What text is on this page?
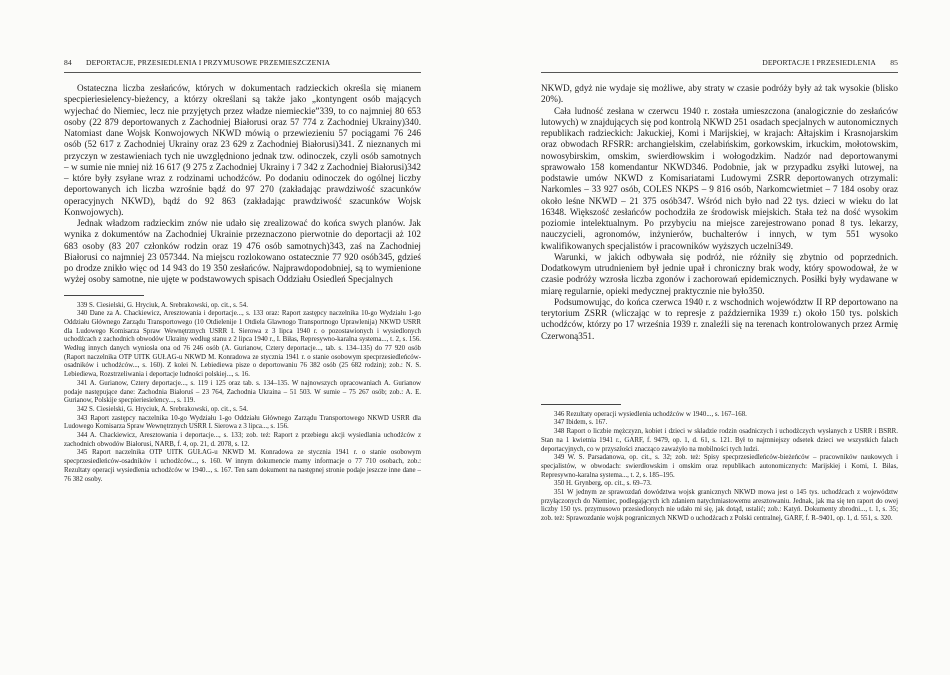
84 DEPORTACJE, PRZESIEDLENIA I PRZYMUSOWE PRZEMIESZCZENIA

Ostateczna liczba zesłańców, których w dokumentach radzieckich określa się mianem specpieriesielency-bieżency, a którzy określani są także jako „kontyngent osób mających wyjechać do Niemiec, lecz nie przyjętych przez władze niemieckie”339, to co najmniej 80 653 osoby (22 879 deportowanych z Zachodniej Białorusi oraz 57 774 z Zachodniej Ukrainy)340. Natomiast dane Wojsk Konwojowych NKWD mówią o przewiezieniu 57 pociągami 76 246 osób (52 617 z Zachodniej Ukrainy oraz 23 629 z Zachodniej Białorusi)341. Z nieznanych mi przyczyn w zestawieniach tych nie uwzględniono jednak tzw. odinoczek, czyli osób samotnych – w sumie nie mniej niż 16 617 (9 275 z Zachodniej Ukrainy i 7 342 z Zachodniej Białorusi)342 – które były zsyłane wraz z rodzinami uchodźców. Po dodaniu odinoczek do ogólnej liczby deportowanych ich liczba wzrośnie bądź do 97 270 (zakładając prawdziwość szacunków operacyjnych NKWD), bądź do 92 863 (zakładając prawdziwość szacunków Wojsk Konwojowych).

Jednak władzom radzieckim znów nie udało się zrealizować do końca swych planów. Jak wynika z dokumentów na Zachodniej Ukrainie przeznaczono pierwotnie do deportacji aż 102 683 osoby (83 207 członków rodzin oraz 19 476 osób samotnych)343, zaś na Zachodniej Białorusi co najmniej 23 057344. Na miejscu rozlokowano ostatecznie 77 920 osób345, gdzieś po drodze znikło więc od 14 943 do 19 350 zesłańców. Najprawdopodobniej, są to wymienione wyżej osoby samotne, nie ujęte w podstawowych spisach Oddziału Osiedleń Specjalnych

339 S. Ciesielski, G. Hryciuk, A. Srebrakowski, op. cit., s. 54.

340 Dane za A. Chackiewicz, Aresztowania i deportacje..., s. 133 oraz: Raport zastępcy naczelnika 10-go Wydziału 1-go Oddziału Głównego Zarządu Transportowego (10 Otdielenije 1 Otdiela Glawnogo Transportnogo Uprawlenija) NKWD USRR dla Ludowego Komisarza Spraw Wewnętrznych USRR I. Sierowa z 3 lipca 1940 r. o pozostawionych i wysiedlonych uchodźcach z zachodnich obwodów Ukrainy według stanu z 2 lipca 1940 r., I. Biłas, Represywno-karalna systema..., t. 2, s. 156. Według innych danych wyniosła ona od 76 246 osób (A. Gurianow, Czterу deportacje..., tab. s. 134–135) do 77 920 osób (Raport naczelnika OTP UITK GUŁAG-u NKWD M. Konradowa ze stycznia 1941 r. o stanie osobowym specprzesiedleńców-osadników i uchodźców..., s. 160). Z kolei N. Lebiediewa pisze o deportowaniu 76 382 osób (25 682 rodzin); zob.: N. S. Lebiediewa, Rozstrzeliwania i deportacje ludności polskiej..., s. 16.

341 A. Gurianow, Czterу deportacje..., s. 119 i 125 oraz tab. s. 134–135. W najnowszych opracowaniach A. Gurianow podaje następujące dane: Zachodnia Białoruś – 23 764, Zachodnia Ukraina – 51 503. W sumie – 75 267 osób; zob.: A. E. Gurianow, Polskije specpieriesielency..., s. 119.

342 S. Ciesielski, G. Hryciuk, A. Srebrakowski, op. cit., s. 54.

343 Raport zastępcy naczelnika 10-go Wydziału 1-go Oddziału Głównego Zarządu Transportowego NKWD USRR dla Ludowego Komisarza Spraw Wewnętrznych USRR I. Sierowa z 3 lipca..., s. 156.

344 A. Chackiewicz, Aresztowania i deportacje..., s. 133; zob. też: Raport z przebiegu akcji wysiedlania uchodźców z zachodnich obwodów Białorusi, NARB, f. 4, op. 21, d. 2078, s. 12.

345 Raport naczelnika OTP UITK GUŁAG-u NKWD M. Konradowa ze stycznia 1941 r. o stanie osobowym specprzesiedleńców-osadników i uchodźców..., s. 160. W innym dokumencie mamy informacje o 77 710 osobach, zob.: Rezultaty operacji wysiedlenia uchodźców w 1940..., s. 167. Ten sam dokument na następnej stronie podaje jeszcze inne dane – 76 382 osoby.

DEPORTACJE I PRZESIEDLENIA 85

NKWD, gdyż nie wydaje się możliwe, aby straty w czasie podróży były aż tak wysokie (blisko 20%).

Cała ludność zesłana w czerwcu 1940 r. została umieszczona (analogicznie do zesłańców lutowych) w znajdujących się pod kontrolą NKWD 251 osadach specjalnych w autonomicznych republikach radzieckich: Jakuckiej, Komi i Marijskiej, w krajach: Ałtajskim i Krasnojarskim oraz obwodach RFSRR: archangielskim, czelabińskim, gorkowskim, irkuckim, mołotowskim, nowosybirskim, omskim, swierdłowskim i wołogodzkim. Nadzór nad deportowanymi sprawowało 158 komendantur NKWD346. Podobnie, jak w przypadku zsyłki lutowej, na podstawie umów NKWD z Komisariatami Ludowymi ZSRR deportowanych otrzymali: Narkomles – 33 927 osób, COLES NKPS – 9 816 osób, Narkomcwietmiet – 7 184 osoby oraz około leśne NKWD – 21 375 osób347. Wśród nich było nad 22 tys. dzieci w wieku do lat 16348. Większość zesłańców pochodziła ze środowisk miejskich. Stała też na dość wysokim poziomie intelektualnym. Po przybyciu na miejsce zarejestrowano ponad 8 tys. lekarzy, nauczycieli, agronomów, inżynierów, buchalterów i innych, w tym 551 wysoko kwalifikowanych specjalistów i pracowników wyższych uczelni349.

Warunki, w jakich odbywała się podróż, nie różniły się zbytnio od poprzednich. Dodatkowym utrudnieniem był jednie upał i chroniczny brak wody, który spowodował, że w czasie podróży wzrosła liczba zgonów i zachorowań epidemicznych. Posiłki były wydawane w miarę regularnie, opieki medycznej praktycznie nie było350.

Podsumowując, do końca czerwca 1940 r. z wschodnich województw II RP deportowano na terytorium ZSRR (wliczając w to represje z października 1939 r.) około 150 tys. polskich uchodźców, którzy po 17 września 1939 r. znaleźli się na terenach kontrolowanych przez Armię Czerwoną351.

346 Rezultaty operacji wysiedlenia uchodźców w 1940..., s. 167–168.

347 Ibidem, s. 167.

348 Raport o liczbie mężczyzn, kobiet i dzieci w składzie rodzin osadniczych i uchodźczych wysłanych z USRR i BSRR. Stan na 1 kwietnia 1941 r., GARF, f. 9479, op. 1, d. 61, s. 121. Był to najmniejszy odsetek dzieci we wszystkich falach deportacyjnych, co w przyszłości znacząco zaważyło na mobilności tych ludzi.

349 W. S. Parsadanowa, op. cit., s. 32; zob. też: Spisy specprzesiedleńców-bieżeńców – pracowników naukowych i specjalistów, w obwodach: swierdłowskim i omskim oraz republikach autonomicznych: Marijskiej i Komi, I. Biłas, Represywno-karalna systema..., t. 2, s. 185–195.

350 H. Grynberg, op. cit., s. 69–73.

351 W jednym ze sprawozdań dowództwa wojsk granicznych NKWD mowa jest o 145 tys. uchodźcach z województw przyłączonych do Niemiec, podlegających ich zdaniem natychmiastowemu aresztowaniu. Jednak, jak ma się ten raport do owej liczby 150 tys. przymusowo przesiedlonych nie udało mi się, jak dotąd, ustalić; zob.: Katyń. Dokumenty zbrodni..., t. 1, s. 35; zob. też: Sprawozdanie wojsk pogranicznych NKWD o uchodźcach z Polski centralnej, GARF, f. R–9401, op. 1, d. 551, s. 320.
